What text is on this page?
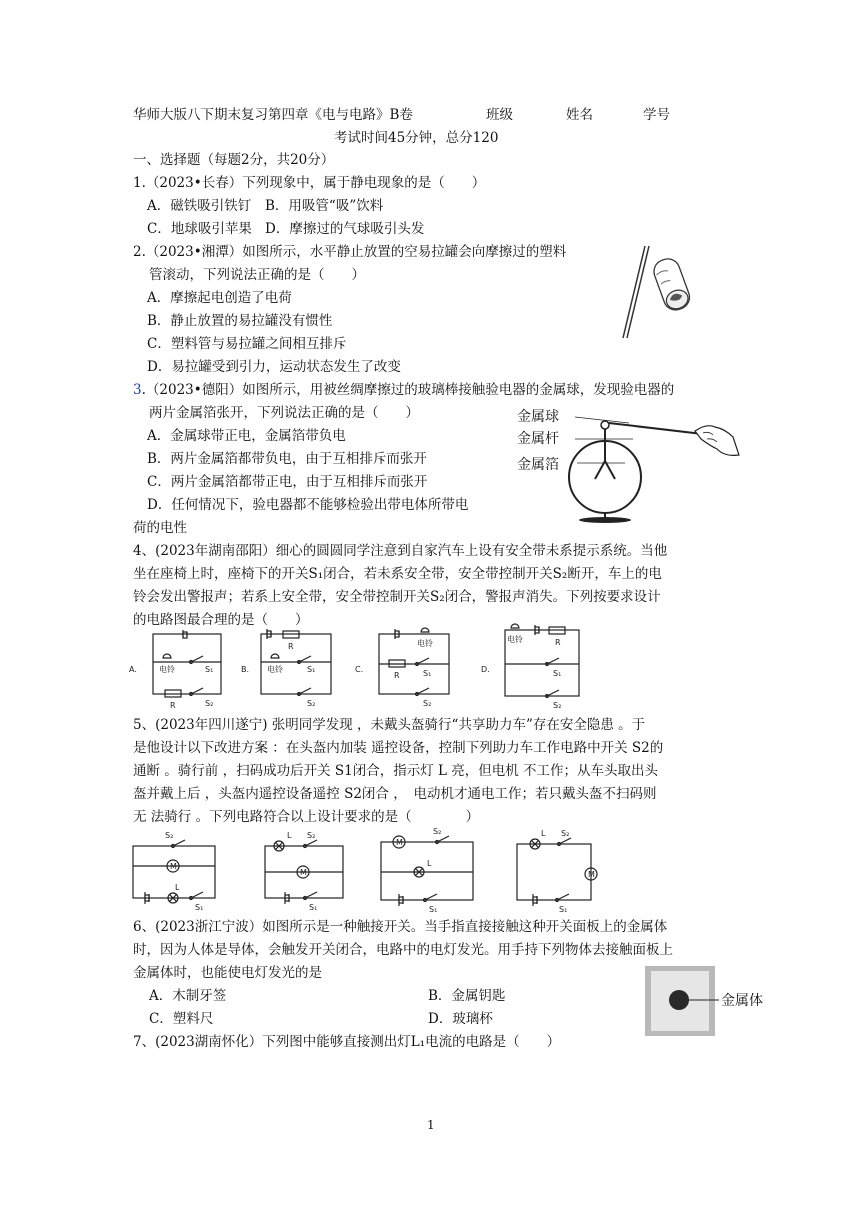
华师大版八下期末复习第四章《电与电路》B卷	班级	姓名	学号
考试时间45分钟，总分120
一、选择题（每题2分，共20分）
1.（2023•长春）下列现象中，属于静电现象的是（　　）
A．磁铁吸引铁钉 B．用吸管“吸”饮料
C．地球吸引苹果 D．摩擦过的气球吸引头发
2.（2023•湘潭）如图所示，水平静止放置的空易拉罐会向摩擦过的塑料
管滚动，下列说法正确的是（　　）
A．摩擦起电创造了电荷
B．静止放置的易拉罐没有惯性
C．塑料管与易拉罐之间相互排斥
D．易拉罐受到引力，运动状态发生了改变
3.（2023•德阳）如图所示，用被丝绸摩擦过的玻璃棒接触验电器的金属球，发现验电器的
两片金属箔张开，下列说法正确的是（　　）
A．金属球带正电，金属箔带负电
B．两片金属箔都带负电，由于互相排斥而张开
C．两片金属箔都带正电，由于互相排斥而张开
D．任何情况下，验电器都不能够检验出带电体所带电
荷的电性
金属球
金属杆
金属箔
4、(2023年湖南邵阳）细心的圆圆同学注意到自家汽车上设有安全带未系提示系统。当他
坐在座椅上时，座椅下的开关S₁闭合，若未系安全带，安全带控制开关S₂断开，车上的电
铃会发出警报声；若系上安全带，安全带控制开关S₂闭合，警报声消失。下列按要求设计
的电路图最合理的是（　　）
A.	电铃	S₁
R	S₂
B.
R
电铃	S₁
S₂
C.
电铃
R	S₁
S₂
D.
电铃	R
S₁
S₂
5、(2023年四川遂宁) 张明同学发现 ，未戴头盔骑行“共享助力车”存在安全隐患 。于
是他设计以下改进方案 ：在头盔内加装 遥控设备，控制下列助力车工作电路中开关 S2的
通断 。骑行前 ，扫码成功后开关 S1闭合，指示灯 L 亮，但电机 不工作；从车头取出头
盔并戴上后 ，头盔内遥控设备遥控 S2闭合 ，　电动机才通电工作；若只戴头盔不扫码则
无 法骑行 。下列电路符合以上设计要求的是（　　　　）
S₂
M
L
S₁
L S₂
M
S₁
M
S₂
L
S₁
L S₂
M
S₁
6、(2023浙江宁波）如图所示是一种触接开关。当手指直接接触这种开关面板上的金属体
时，因为人体是导体，会触发开关闭合，电路中的电灯发光。用手持下列物体去接触面板上
金属体时，也能使电灯发光的是
A．木制牙签	B．金属钥匙
C．塑料尺	D．玻璃杯
金属体
7、(2023湖南怀化）下列图中能够直接测出灯L₁电流的电路是（　　）
1
